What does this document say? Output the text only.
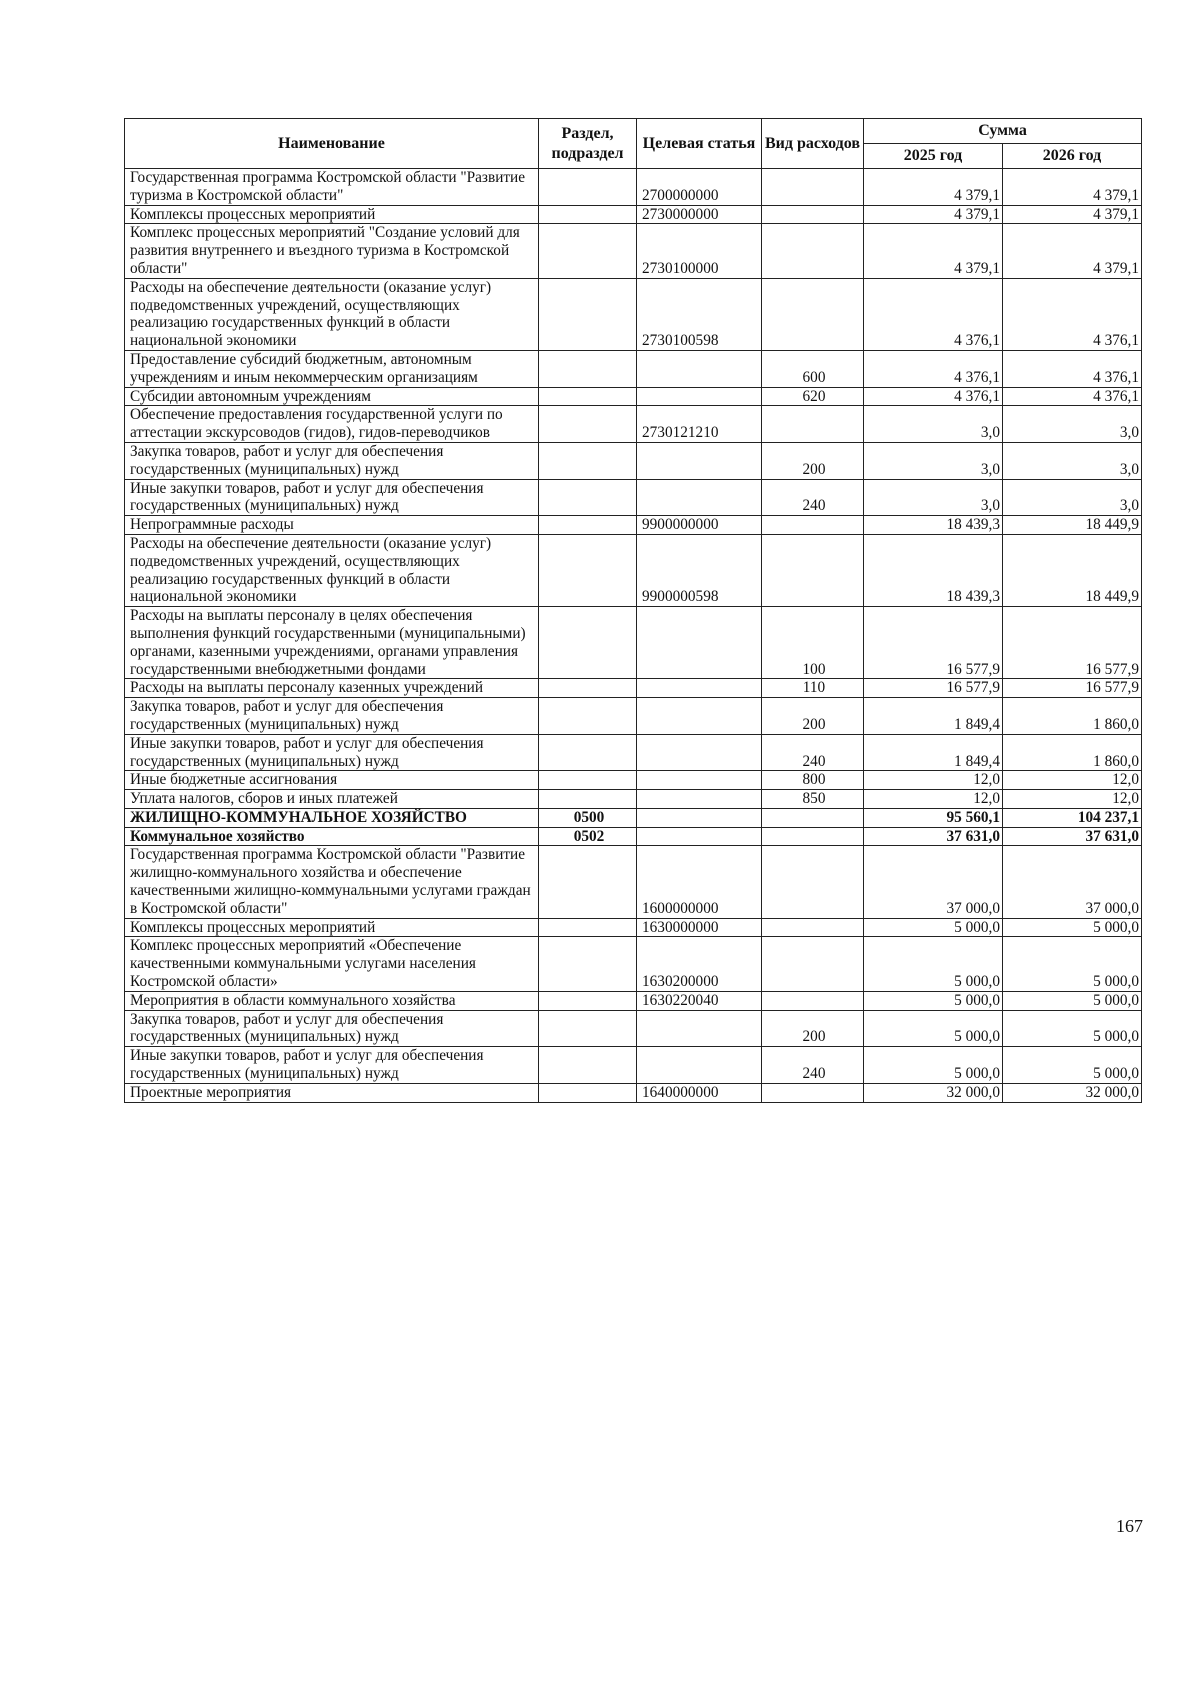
Наименование	Раздел, подраздел	Целевая статья	Вид расходов	Сумма	
				2025 год	2026 год
Государственная программа Костромской области "Развитие туризма в Костромской области"		2700000000		4 379,1	4 379,1
Комплексы процессных мероприятий		2730000000		4 379,1	4 379,1
Комплекс процессных мероприятий "Создание условий для развития внутреннего и въездного туризма в Костромской области"		2730100000		4 379,1	4 379,1
Расходы на обеспечение деятельности (оказание услуг) подведомственных учреждений, осуществляющих реализацию государственных функций в области национальной экономики		2730100598		4 376,1	4 376,1
Предоставление субсидий бюджетным, автономным учреждениям и иным некоммерческим организациям			600	4 376,1	4 376,1
Субсидии автономным учреждениям			620	4 376,1	4 376,1
Обеспечение предоставления государственной услуги по аттестации экскурсоводов (гидов), гидов-переводчиков		2730121210		3,0	3,0
Закупка товаров, работ и услуг для обеспечения государственных (муниципальных) нужд			200	3,0	3,0
Иные закупки товаров, работ и услуг для обеспечения государственных (муниципальных) нужд			240	3,0	3,0
Непрограммные расходы		9900000000		18 439,3	18 449,9
Расходы на обеспечение деятельности (оказание услуг) подведомственных учреждений, осуществляющих реализацию государственных функций в области национальной экономики		9900000598		18 439,3	18 449,9
Расходы на выплаты персоналу в целях обеспечения выполнения функций государственными (муниципальными) органами, казенными учреждениями, органами управления государственными внебюджетными фондами			100	16 577,9	16 577,9
Расходы на выплаты персоналу казенных учреждений			110	16 577,9	16 577,9
Закупка товаров, работ и услуг для обеспечения государственных (муниципальных) нужд			200	1 849,4	1 860,0
Иные закупки товаров, работ и услуг для обеспечения государственных (муниципальных) нужд			240	1 849,4	1 860,0
Иные бюджетные ассигнования			800	12,0	12,0
Уплата налогов, сборов и иных платежей			850	12,0	12,0
ЖИЛИЩНО-КОММУНАЛЬНОЕ ХОЗЯЙСТВО	0500			95 560,1	104 237,1
Коммунальное хозяйство	0502			37 631,0	37 631,0
Государственная программа Костромской области "Развитие жилищно-коммунального хозяйства и обеспечение качественными жилищно-коммунальными услугами граждан в Костромской области"		1600000000		37 000,0	37 000,0
Комплексы процессных мероприятий		1630000000		5 000,0	5 000,0
Комплекс процессных мероприятий «Обеспечение качественными коммунальными услугами населения Костромской области»		1630200000		5 000,0	5 000,0
Мероприятия в области коммунального хозяйства		1630220040		5 000,0	5 000,0
Закупка товаров, работ и услуг для обеспечения государственных (муниципальных) нужд			200	5 000,0	5 000,0
Иные закупки товаров, работ и услуг для обеспечения государственных (муниципальных) нужд			240	5 000,0	5 000,0
Проектные мероприятия		1640000000		32 000,0	32 000,0
167
